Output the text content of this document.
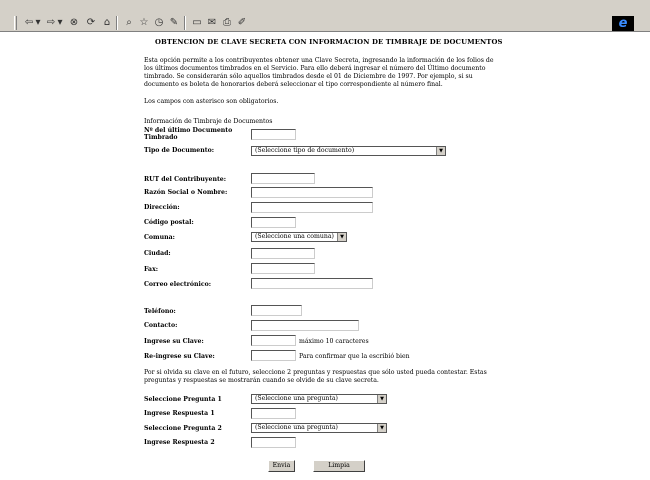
⇦ ▾ ⇨ ▾ ⊗ ⟳ ⌂	⌕ ☆ ◷ ✎ ▭ ✉ ⎙ ✐	e
OBTENCION DE CLAVE SECRETA CON INFORMACION DE TIMBRAJE DE DOCUMENTOS
Esta opción permite a los contribuyentes obtener una Clave Secreta, ingresando la información de los folios de los últimos documentos timbrados en el Servicio. Para ello deberá ingresar el número del Último documento timbrado. Se considerarán sólo aquellos timbrados desde el 01 de Diciembre de 1997. Por ejemplo, si su documento es boleta de honorarios deberá seleccionar el tipo correspondiente al número final.
Los campos con asterisco son obligatorios.
Información de Timbraje de Documentos
Nº del último Documento Timbrado
Tipo de Documento:	(Seleccione tipo de documento)	▼
RUT del Contribuyente:
Razón Social o Nombre:
Dirección:
Código postal:
Comuna:	(Seleccione una comuna)	▼
Ciudad:
Fax:
Correo electrónico:
Teléfono:
Contacto:
Ingrese su Clave:	máximo 10 caracteres
Re-ingrese su Clave:	Para confirmar que la escribió bien
Por si olvida su clave en el futuro, seleccione 2 preguntas y respuestas que sólo usted pueda contestar. Estas preguntas y respuestas se mostrarán cuando se olvide de su clave secreta.
Seleccione Pregunta 1	(Seleccione una pregunta)	▼
Ingrese Respuesta 1
Seleccione Pregunta 2	(Seleccione una pregunta)	▼
Ingrese Respuesta 2
Envia	Limpia
